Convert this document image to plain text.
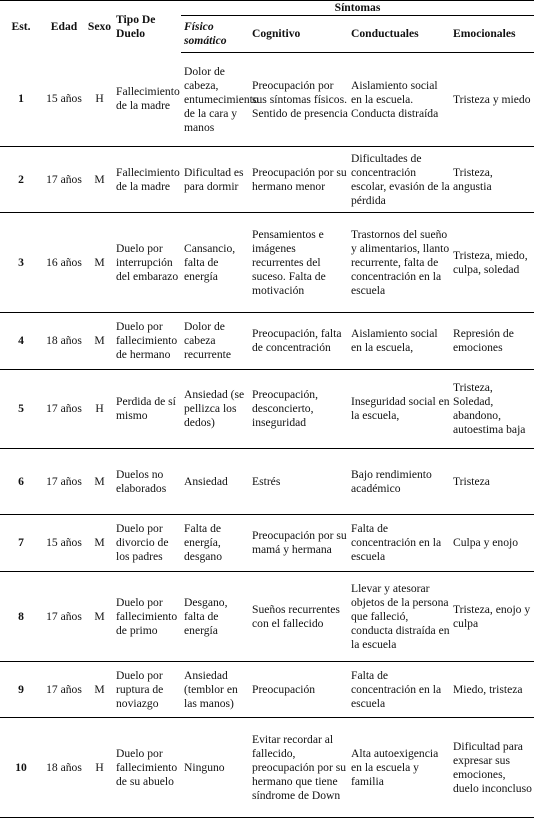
Est.	Edad	Sexo	Tipo De Duelo	Síntomas			
				Físico somático	Cognitivo	Conductuales	Emocionales
1	15 años	H	Fallecimiento de la madre	Dolor de cabeza, entumecimiento de la cara y manos	Preocupación por sus síntomas físicos. Sentido de presencia	Aislamiento social en la escuela. Conducta distraída	Tristeza y miedo
2	17 años	M	Fallecimiento de la madre	Dificultad es para dormir	Preocupación por su hermano menor	Dificultades de concentración escolar, evasión de la pérdida	Tristeza, angustia
3	16 años	M	Duelo por interrupción del embarazo	Cansancio, falta de energía	Pensamientos e imágenes recurrentes del suceso. Falta de motivación	Trastornos del sueño y alimentarios, llanto recurrente, falta de concentración en la escuela	Tristeza, miedo, culpa, soledad
4	18 años	M	Duelo por fallecimiento de hermano	Dolor de cabeza recurrente	Preocupación, falta de concentración	Aislamiento social en la escuela,	Represión de emociones
5	17 años	H	Perdida de sí mismo	Ansiedad (se pellizca los dedos)	Preocupación, desconcierto, inseguridad	Inseguridad social en la escuela,	Tristeza, Soledad, abandono, autoestima baja
6	17 años	M	Duelos no elaborados	Ansiedad	Estrés	Bajo rendimiento académico	Tristeza
7	15 años	M	Duelo por divorcio de los padres	Falta de energía, desgano	Preocupación por su mamá y hermana	Falta de concentración en la escuela	Culpa y enojo
8	17 años	M	Duelo por fallecimiento de primo	Desgano, falta de energía	Sueños recurrentes con el fallecido	Llevar y atesorar objetos de la persona que falleció, conducta distraída en la escuela	Tristeza, enojo y culpa
9	17 años	M	Duelo por ruptura de noviazgo	Ansiedad (temblor en las manos)	Preocupación	Falta de concentración en la escuela	Miedo, tristeza
10	18 años	H	Duelo por fallecimiento de su abuelo	Ninguno	Evitar recordar al fallecido, preocupación por su hermano que tiene síndrome de Down	Alta autoexigencia en la escuela y familia	Dificultad para expresar sus emociones, duelo inconcluso
